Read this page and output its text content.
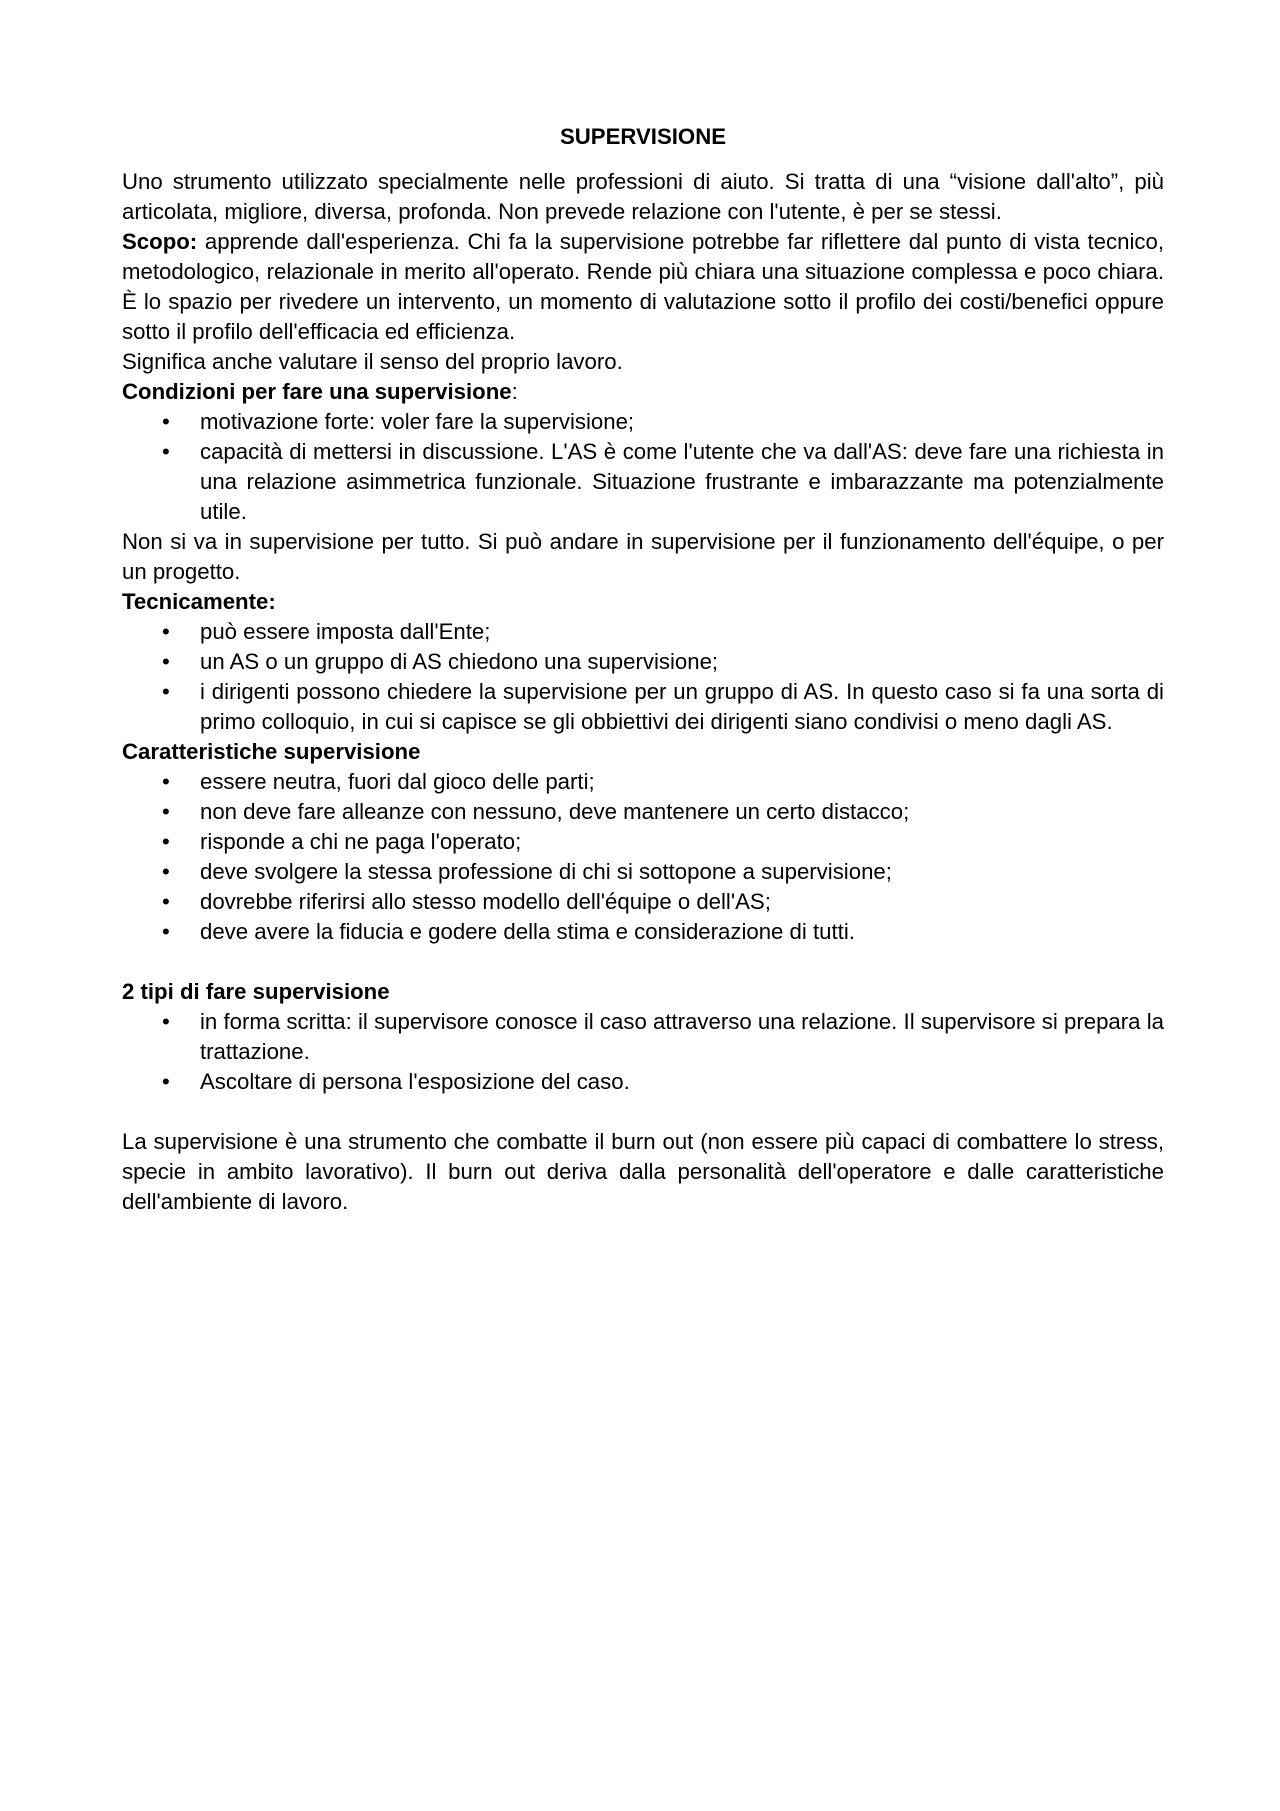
SUPERVISIONE

Uno strumento utilizzato specialmente nelle professioni di aiuto. Si tratta di una “visione dall'alto”, più articolata, migliore, diversa, profonda. Non prevede relazione con l'utente, è per se stessi.

Scopo: apprende dall'esperienza. Chi fa la supervisione potrebbe far riflettere dal punto di vista tecnico, metodologico, relazionale in merito all'operato. Rende più chiara una situazione complessa e poco chiara. È lo spazio per rivedere un intervento, un momento di valutazione sotto il profilo dei costi/benefici oppure sotto il profilo dell'efficacia ed efficienza.

Significa anche valutare il senso del proprio lavoro.

Condizioni per fare una supervisione:
• motivazione forte: voler fare la supervisione;
• capacità di mettersi in discussione. L'AS è come l'utente che va dall'AS: deve fare una richiesta in una relazione asimmetrica funzionale. Situazione frustrante e imbarazzante ma potenzialmente utile.

Non si va in supervisione per tutto. Si può andare in supervisione per il funzionamento dell'équipe, o per un progetto.

Tecnicamente:
• può essere imposta dall'Ente;
• un AS o un gruppo di AS chiedono una supervisione;
• i dirigenti possono chiedere la supervisione per un gruppo di AS. In questo caso si fa una sorta di primo colloquio, in cui si capisce se gli obbiettivi dei dirigenti siano condivisi o meno dagli AS.
Caratteristiche supervisione
• essere neutra, fuori dal gioco delle parti;
• non deve fare alleanze con nessuno, deve mantenere un certo distacco;
• risponde a chi ne paga l'operato;
• deve svolgere la stessa professione di chi si sottopone a supervisione;
• dovrebbe riferirsi allo stesso modello dell'équipe o dell'AS;
• deve avere la fiducia e godere della stima e considerazione di tutti.
2 tipi di fare supervisione
• in forma scritta: il supervisore conosce il caso attraverso una relazione. Il supervisore si prepara la trattazione.
• Ascoltare di persona l'esposizione del caso.

La supervisione è una strumento che combatte il burn out (non essere più capaci di combattere lo stress, specie in ambito lavorativo). Il burn out deriva dalla personalità dell'operatore e dalle caratteristiche dell'ambiente di lavoro.
